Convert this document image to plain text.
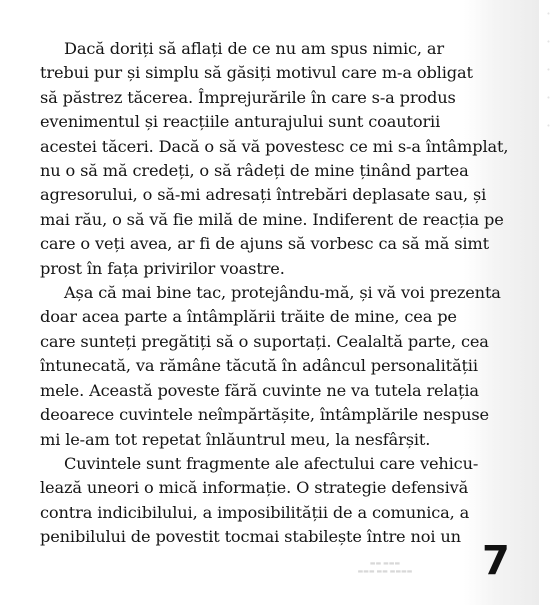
·
·
·
·
·

Dacă doriți să aflați de ce nu am spus nimic, ar
trebui pur și simplu să găsiți motivul care m-a obligat
să păstrez tăcerea. Împrejurările în care s-a produs
evenimentul și reacțiile anturajului sunt coautorii
acestei tăceri. Dacă o să vă povestesc ce mi s-a întâmplat,
nu o să mă credeți, o să râdeți de mine ținând partea
agresorului, o să-mi adresați întrebări deplasate sau, și
mai rău, o să vă fie milă de mine. Indiferent de reacția pe
care o veți avea, ar fi de ajuns să vorbesc ca să mă simt
prost în fața privirilor voastre.

Așa că mai bine tac, protejându-mă, și vă voi prezenta
doar acea parte a întâmplării trăite de mine, cea pe
care sunteți pregătiți să o suportați. Cealaltă parte, cea
întunecată, va rămâne tăcută în adâncul personalității
mele. Această poveste fără cuvinte ne va tutela relația
deoarece cuvintele neîmpărtășite, întâmplările nespuse
mi le-am tot repetat înlăuntrul meu, la nesfârșit.

Cuvintele sunt fragmente ale afectului care vehicu-
lează uneori o mică informație. O strategie defensivă
contra indicibilului, a imposibilității de a comunica, a
penibilului de povestit tocmai stabilește între noi un

▬▬▬ ▬▬
▬▬▬▬ ▬▬ ▬▬▬	7
